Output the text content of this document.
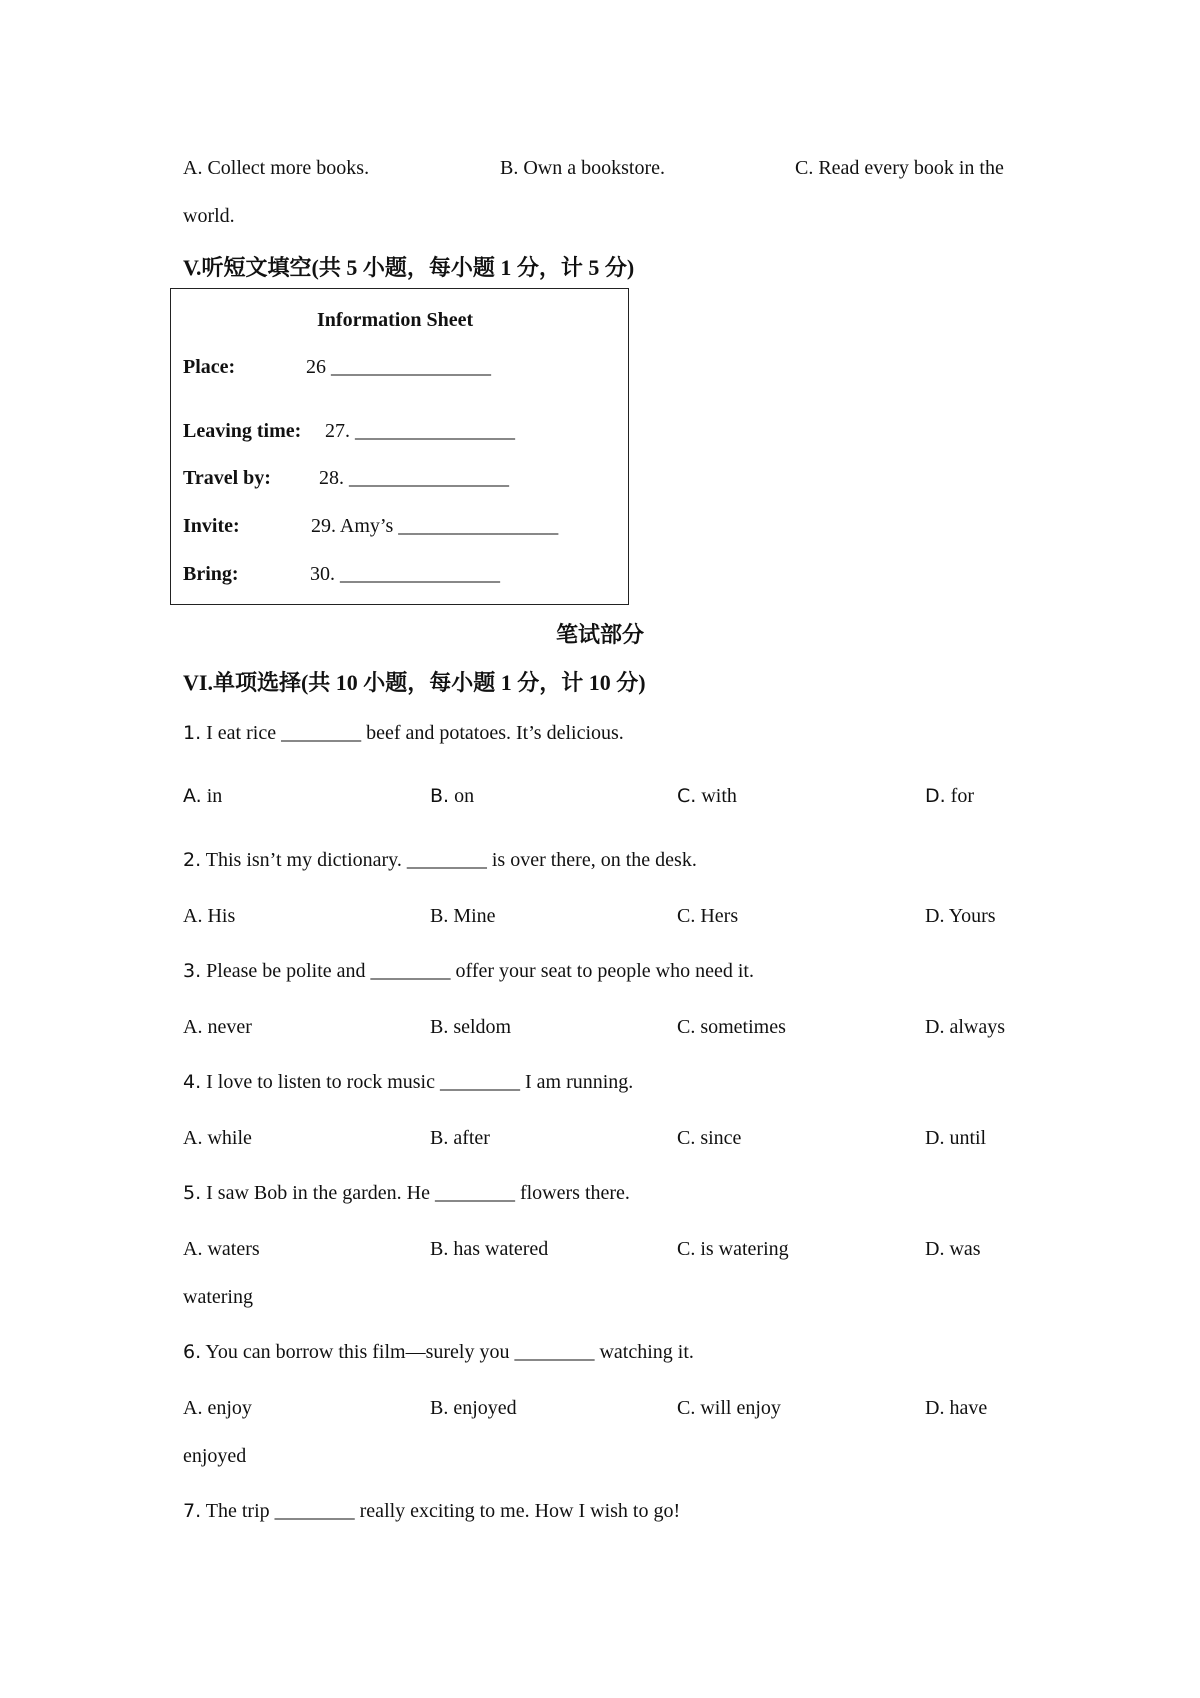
A. Collect more books.	B. Own a bookstore.	C. Read every book in the
world.
V.听短文填空(共 5 小题，每小题 1 分，计 5 分)
Information Sheet
Place:	26 ________________
Leaving time: 27. ________________
Travel by: 28. ________________
Invite:	29. Amy’s ________________
Bring:	30. ________________
笔试部分
VI.单项选择(共 10 小题，每小题 1 分，计 10 分)
1. I eat rice ________ beef and potatoes. It’s delicious.
A. in	B. on	C. with	D. for
2. This isn’t my dictionary. ________ is over there, on the desk.
A. His	B. Mine	C. Hers	D. Yours
3. Please be polite and ________ offer your seat to people who need it.
A. never	B. seldom	C. sometimes	D. always
4. I love to listen to rock music ________ I am running.
A. while	B. after	C. since	D. until
5. I saw Bob in the garden. He ________ flowers there.
A. waters	B. has watered	C. is watering	D. was
watering
6. You can borrow this film—surely you ________ watching it.
A. enjoy	B. enjoyed	C. will enjoy	D. have
enjoyed
7. The trip ________ really exciting to me. How I wish to go!
